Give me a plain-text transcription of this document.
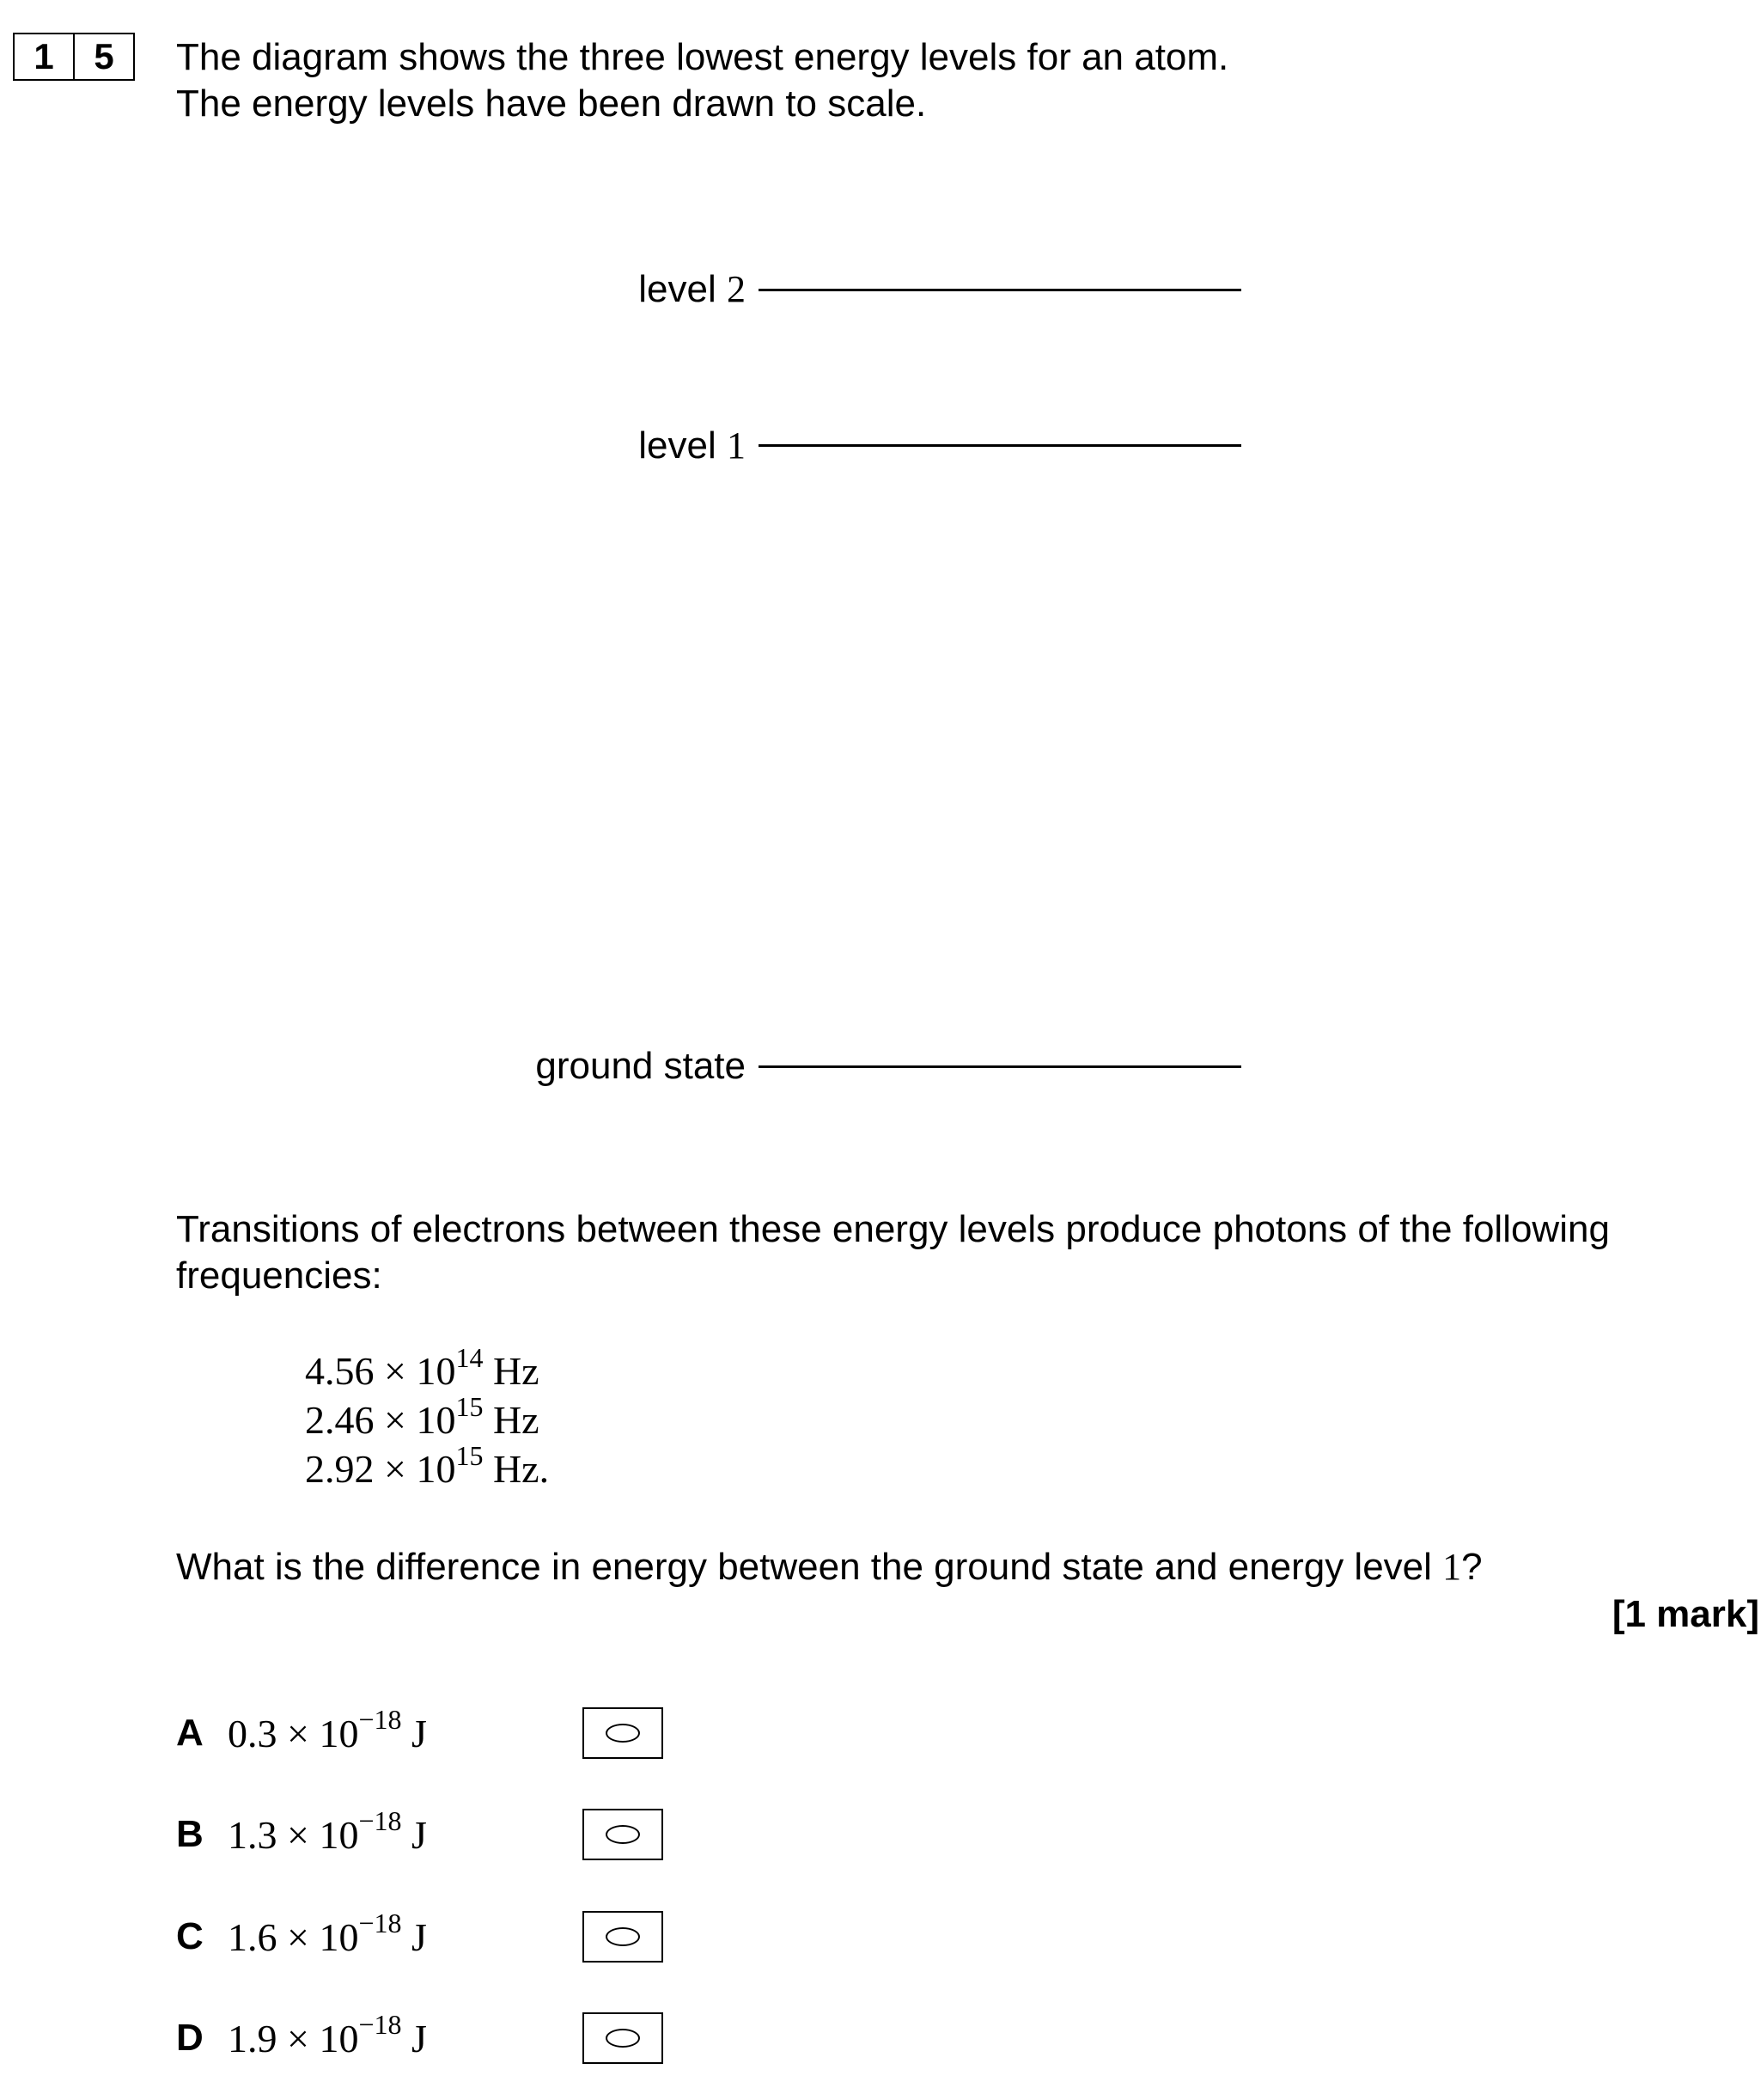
1	5	The diagram shows the three lowest energy levels for an atom.
The energy levels have been drawn to scale.
level 2
level 1
ground state
Transitions of electrons between these energy levels produce photons of the following
frequencies:
$4.56 \times 10^{14}$ Hz
$2.46 \times 10^{15}$ Hz
$2.92 \times 10^{15}$ Hz.
What is the difference in energy between the ground state and energy level 1?
[1 mark]
A $0.3 \times 10^{-18}$ J
B $1.3 \times 10^{-18}$ J
C $1.6 \times 10^{-18}$ J
D $1.9 \times 10^{-18}$ J
